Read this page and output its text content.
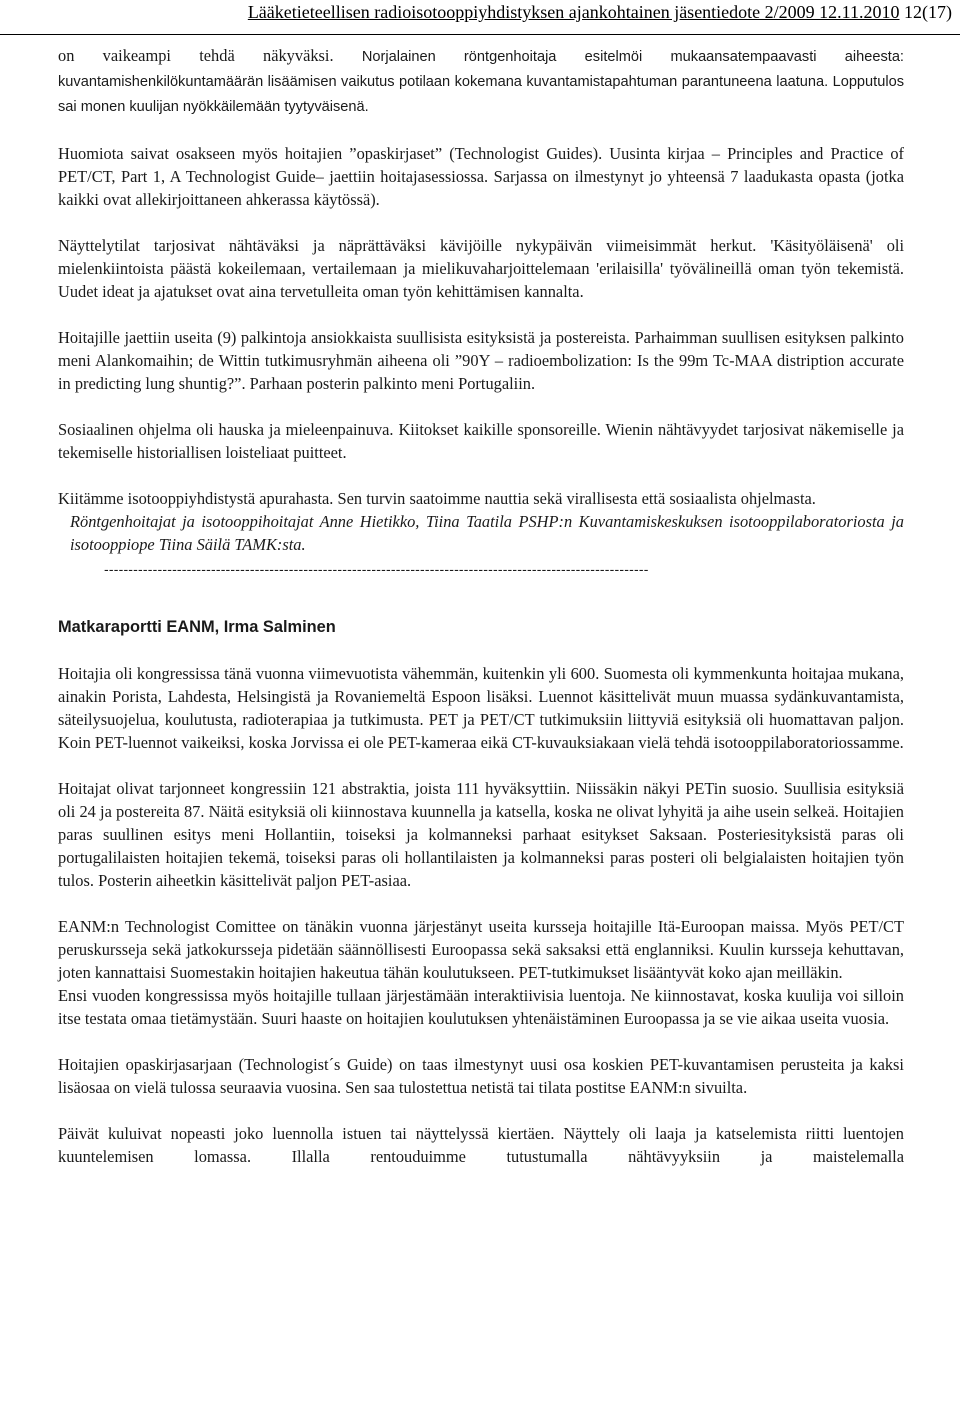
Lääketieteellisen radioisotooppiyhdistyksen ajankohtainen jäsentiedote 2/2009 12.11.2010 12(17)

on vaikeampi tehdä näkyväksi. Norjalainen röntgenhoitaja esitelmöi mukaansatempaavasti aiheesta: kuvantamishenkilökuntamäärän lisäämisen vaikutus potilaan kokemana kuvantamistapahtuman parantuneena laatuna. Lopputulos sai monen kuulijan nyökkäilemään tyytyväisenä.

Huomiota saivat osakseen myös hoitajien ”opaskirjaset” (Technologist Guides). Uusinta kirjaa – Principles and Practice of PET/CT, Part 1, A Technologist Guide– jaettiin hoitajasessiossa. Sarjassa on ilmestynyt jo yhteensä 7 laadukasta opasta (jotka kaikki ovat allekirjoittaneen ahkerassa käytössä).

Näyttelytilat tarjosivat nähtäväksi ja näprättäväksi kävijöille nykypäivän viimeisimmät herkut. 'Käsityöläisenä' oli mielenkiintoista päästä kokeilemaan, vertailemaan ja mielikuvaharjoittelemaan 'erilaisilla' työvälineillä oman työn tekemistä. Uudet ideat ja ajatukset ovat aina tervetulleita oman työn kehittämisen kannalta.

Hoitajille jaettiin useita (9) palkintoja ansiokkaista suullisista esityksistä ja postereista. Parhaimman suullisen esityksen palkinto meni Alankomaihin; de Wittin tutkimusryhmän aiheena oli ”90Y – radioembolization: Is the 99m Tc-MAA distription accurate in predicting lung shuntig?”. Parhaan posterin palkinto meni Portugaliin.

Sosiaalinen ohjelma oli hauska ja mieleenpainuva. Kiitokset kaikille sponsoreille. Wienin nähtävyydet tarjosivat näkemiselle ja tekemiselle historiallisen loisteliaat puitteet.

Kiitämme isotooppiyhdistystä apurahasta. Sen turvin saatoimme nauttia sekä virallisesta että sosiaalista ohjelmasta.

Röntgenhoitajat ja isotooppihoitajat Anne Hietikko, Tiina Taatila PSHP:n Kuvantamiskeskuksen isotooppilaboratoriosta ja isotooppiope Tiina Säilä TAMK:sta.

----------------------------------------------------------------------------------------------------------------

Matkaraportti EANM, Irma Salminen

Hoitajia oli kongressissa tänä vuonna viimevuotista vähemmän, kuitenkin yli 600. Suomesta oli kymmenkunta hoitajaa mukana, ainakin Porista, Lahdesta, Helsingistä ja Rovaniemeltä Espoon lisäksi. Luennot käsittelivät muun muassa sydänkuvantamista, säteilysuojelua, koulutusta, radioterapiaa ja tutkimusta. PET ja PET/CT tutkimuksiin liittyviä esityksiä oli huomattavan paljon. Koin PET-luennot vaikeiksi, koska Jorvissa ei ole PET-kameraa eikä CT-kuvauksiakaan vielä tehdä isotooppilaboratoriossamme.

Hoitajat olivat tarjonneet kongressiin 121 abstraktia, joista 111 hyväksyttiin. Niissäkin näkyi PETin suosio. Suullisia esityksiä oli 24 ja postereita 87. Näitä esityksiä oli kiinnostava kuunnella ja katsella, koska ne olivat lyhyitä ja aihe usein selkeä. Hoitajien paras suullinen esitys meni Hollantiin, toiseksi ja kolmanneksi parhaat esitykset Saksaan. Posteriesityksistä paras oli portugalilaisten hoitajien tekemä, toiseksi paras oli hollantilaisten ja kolmanneksi paras posteri oli belgialaisten hoitajien työn tulos. Posterin aiheetkin käsittelivät paljon PET-asiaa.

EANM:n Technologist Comittee on tänäkin vuonna järjestänyt useita kursseja hoitajille Itä-Euroopan maissa. Myös PET/CT peruskursseja sekä jatkokursseja pidetään säännöllisesti Euroopassa sekä saksaksi että englanniksi. Kuulin kursseja kehuttavan, joten kannattaisi Suomestakin hoitajien hakeutua tähän koulutukseen. PET-tutkimukset lisääntyvät koko ajan meilläkin.

Ensi vuoden kongressissa myös hoitajille tullaan järjestämään interaktiivisia luentoja. Ne kiinnostavat, koska kuulija voi silloin itse testata omaa tietämystään. Suuri haaste on hoitajien koulutuksen yhtenäistäminen Euroopassa ja se vie aikaa useita vuosia.

Hoitajien opaskirjasarjaan (Technologist´s Guide) on taas ilmestynyt uusi osa koskien PET-kuvantamisen perusteita ja kaksi lisäosaa on vielä tulossa seuraavia vuosina. Sen saa tulostettua netistä tai tilata postitse EANM:n sivuilta.

Päivät kuluivat nopeasti joko luennolla istuen tai näyttelyssä kiertäen. Näyttely oli laaja ja katselemista riitti luentojen kuuntelemisen lomassa. Illalla rentouduimme tutustumalla nähtävyyksiin ja maistelemalla
